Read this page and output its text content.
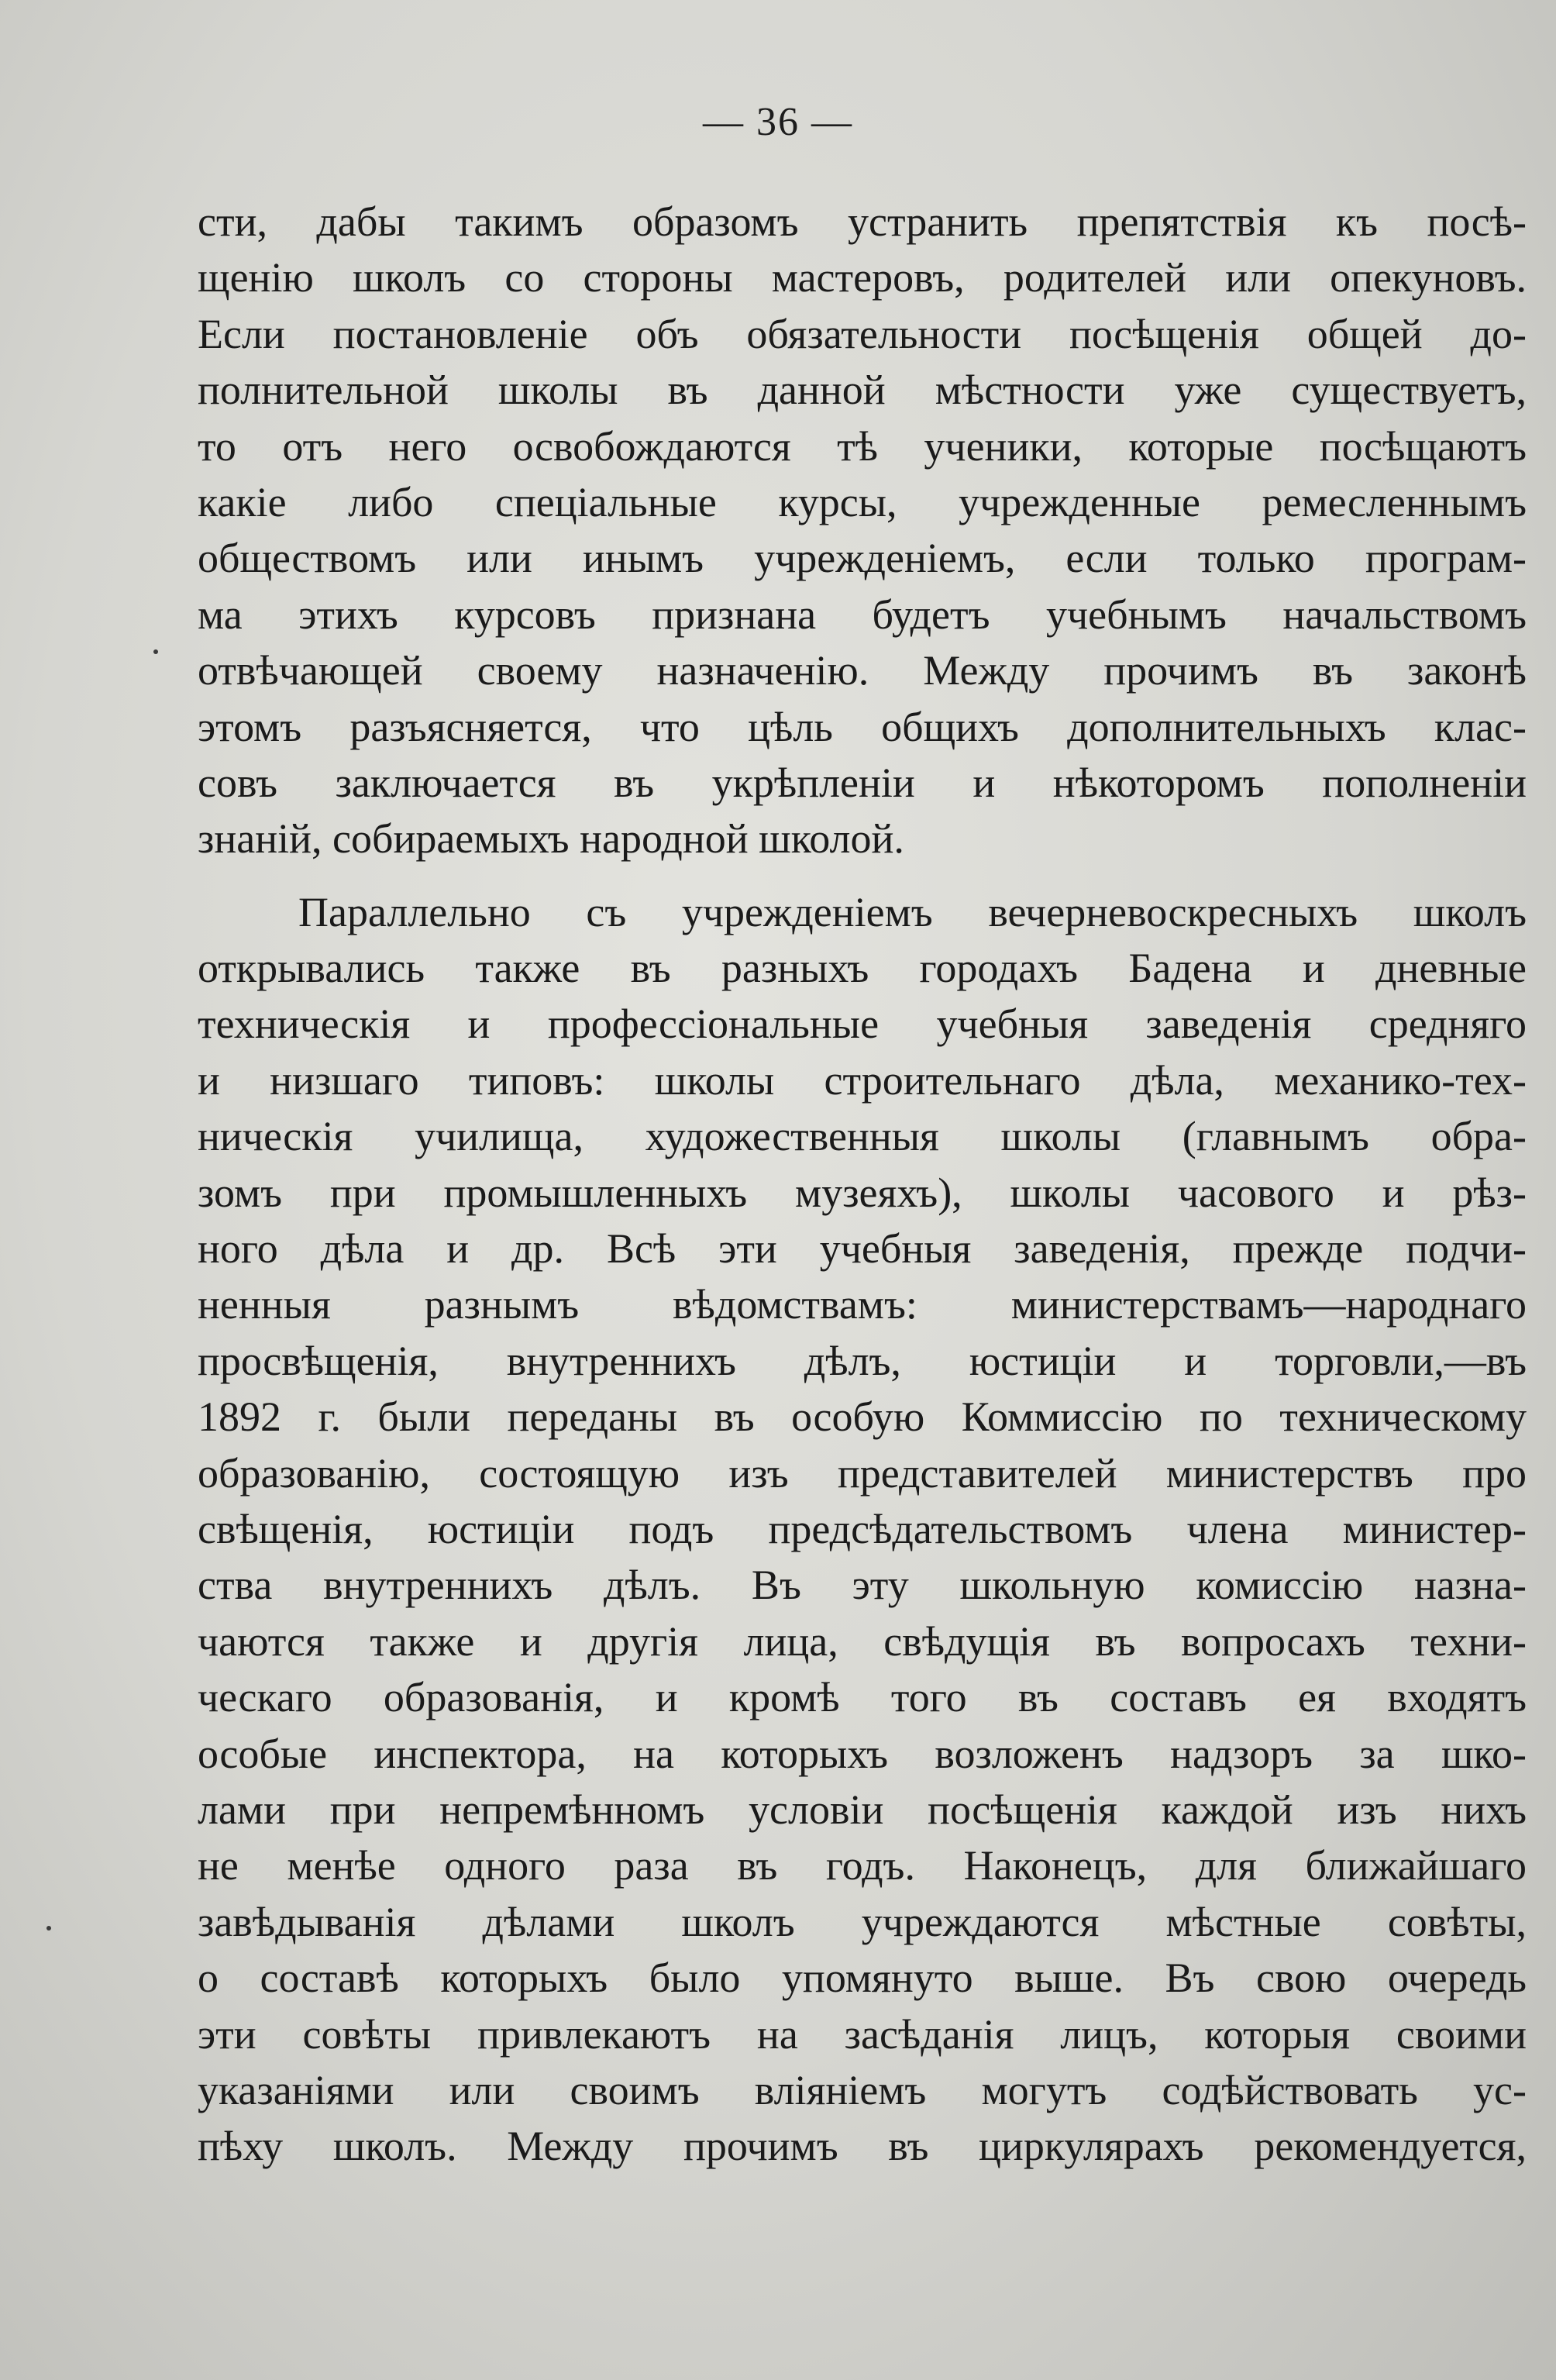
— 36 —
сти, дабы такимъ образомъ устранить препятствія къ посѣ-
щенію школъ со стороны мастеровъ, родителей или опекуновъ.
Если постановленіе объ обязательности посѣщенія общей до-
полнительной школы въ данной мѣстности уже существуетъ,
то отъ него освобождаются тѣ ученики, которые посѣщаютъ
какіе либо спеціальные курсы, учрежденные ремесленнымъ
обществомъ или инымъ учрежденіемъ, если только програм-
ма этихъ курсовъ признана будетъ учебнымъ начальствомъ
отвѣчающей своему назначенію. Между прочимъ въ законѣ
этомъ разъясняется, что цѣль общихъ дополнительныхъ клас-
совъ заключается въ укрѣпленіи и нѣкоторомъ пополненіи
знаній, собираемыхъ народной школой.
Параллельно съ учрежденіемъ вечерневоскресныхъ школъ
открывались также въ разныхъ городахъ Бадена и дневные
техническія и профессіональные учебныя заведенія средняго
и низшаго типовъ: школы строительнаго дѣла, механико-тех-
ническія училища, художественныя школы (главнымъ обра-
зомъ при промышленныхъ музеяхъ), школы часового и рѣз-
ного дѣла и др. Всѣ эти учебныя заведенія, прежде подчи-
ненныя разнымъ вѣдомствамъ: министерствамъ—народнаго
просвѣщенія, внутреннихъ дѣлъ, юстиціи и торговли,—въ
1892 г. были переданы въ особую Коммиссію по техническому
образованію, состоящую изъ представителей министерствъ про
свѣщенія, юстиціи подъ предсѣдательствомъ члена министер-
ства внутреннихъ дѣлъ. Въ эту школьную комиссію назна-
чаются также и другія лица, свѣдущія въ вопросахъ техни-
ческаго образованія, и кромѣ того въ составъ ея входятъ
особые инспектора, на которыхъ возложенъ надзоръ за шко-
лами при непремѣнномъ условіи посѣщенія каждой изъ нихъ
не менѣе одного раза въ годъ. Наконецъ, для ближайшаго
завѣдыванія дѣлами школъ учреждаются мѣстные совѣты,
о составѣ которыхъ было упомянуто выше. Въ свою очередь
эти совѣты привлекаютъ на засѣданія лицъ, которыя своими
указаніями или своимъ вліяніемъ могутъ содѣйствовать ус-
пѣху школъ. Между прочимъ въ циркулярахъ рекомендуется,
